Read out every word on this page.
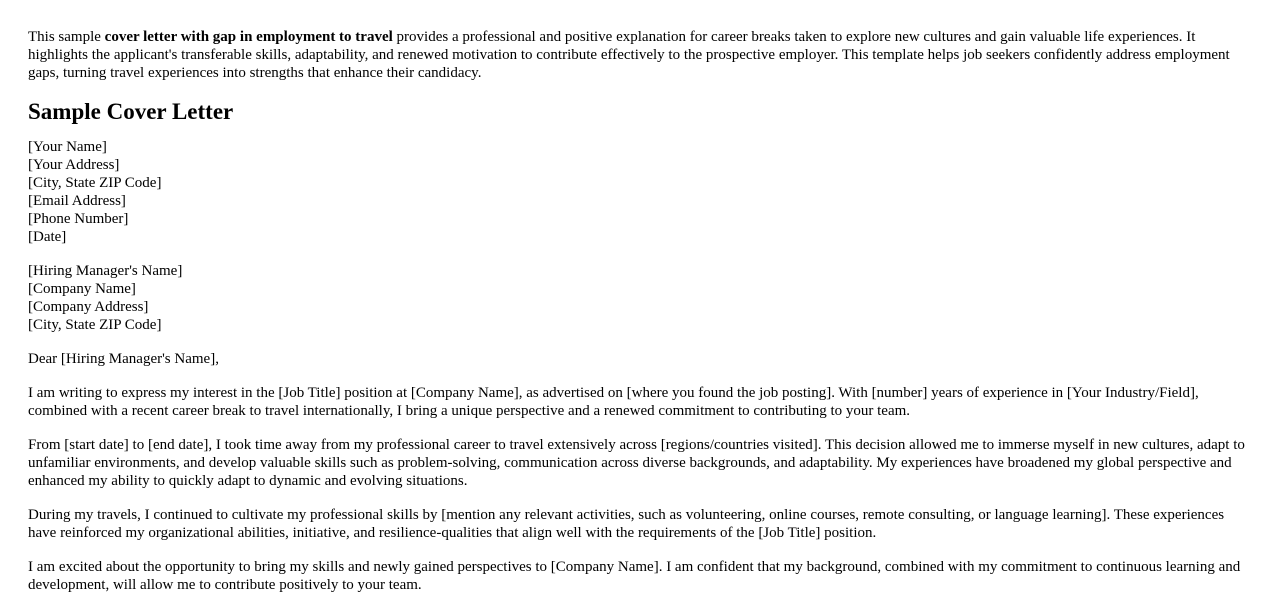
This sample cover letter with gap in employment to travel provides a professional and positive explanation for career breaks taken to explore new cultures and gain valuable life experiences. It highlights the applicant's transferable skills, adaptability, and renewed motivation to contribute effectively to the prospective employer. This template helps job seekers confidently address employment gaps, turning travel experiences into strengths that enhance their candidacy.

Sample Cover Letter
[Your Name]
[Your Address]
[City, State ZIP Code]
[Email Address]
[Phone Number]
[Date]
[Hiring Manager's Name]
[Company Name]
[Company Address]
[City, State ZIP Code]

Dear [Hiring Manager's Name],

I am writing to express my interest in the [Job Title] position at [Company Name], as advertised on [where you found the job posting]. With [number] years of experience in [Your Industry/Field], combined with a recent career break to travel internationally, I bring a unique perspective and a renewed commitment to contributing to your team.

From [start date] to [end date], I took time away from my professional career to travel extensively across [regions/countries visited]. This decision allowed me to immerse myself in new cultures, adapt to unfamiliar environments, and develop valuable skills such as problem-solving, communication across diverse backgrounds, and adaptability. My experiences have broadened my global perspective and enhanced my ability to quickly adapt to dynamic and evolving situations.

During my travels, I continued to cultivate my professional skills by [mention any relevant activities, such as volunteering, online courses, remote consulting, or language learning]. These experiences have reinforced my organizational abilities, initiative, and resilience-qualities that align well with the requirements of the [Job Title] position.

I am excited about the opportunity to bring my skills and newly gained perspectives to [Company Name]. I am confident that my background, combined with my commitment to continuous learning and development, will allow me to contribute positively to your team.
